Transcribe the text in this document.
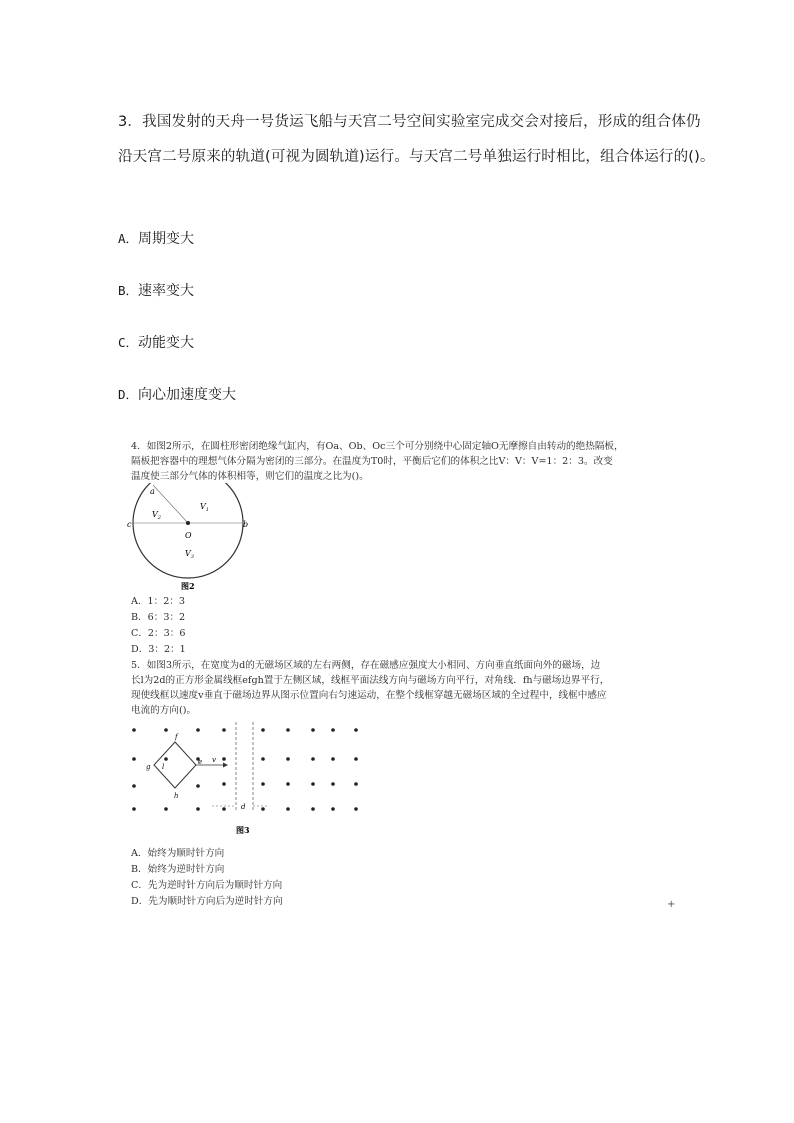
3．我国发射的天舟一号货运飞船与天宫二号空间实验室完成交会对接后，形成的组合体仍
沿天宫二号原来的轨道(可视为圆轨道)运行。与天宫二号单独运行时相比，组合体运行的()。
A．周期变大
B．速率变大
C．动能变大
D．向心加速度变大
4．如图2所示，在圆柱形密闭绝缘气缸内，有Oa、Ob、Oc三个可分别绕中心固定轴O无摩擦自由转动的绝热隔板，
隔板把容器中的理想气体分隔为密闭的三部分。在温度为T0时，平衡后它们的体积之比V：V：V=1：2：3。改变
温度使三部分气体的体积相等，则它们的温度之比为()。
a
b
c
O
$V_1$
$V_2$
$V_3$
图2
A．1：2：3
B．6：3：2
C．2：3：6
D．3：2：1
5．如图3所示，在宽度为d的无磁场区域的左右两侧，存在磁感应强度大小相同、方向垂直纸面向外的磁场，边
长l为2d的正方形金属线框efgh置于左侧区域，线框平面法线方向与磁场方向平行，对角线．fh与磁场边界平行，
现使线框以速度v垂直于磁场边界从图示位置向右匀速运动，在整个线框穿越无磁场区域的全过程中，线框中感应
电流的方向()。
f
e
g
h
l
v
d
图3
A．始终为顺时针方向
B．始终为逆时针方向
C．先为逆时针方向后为顺时针方向
D．先为顺时针方向后为逆时针方向	+
